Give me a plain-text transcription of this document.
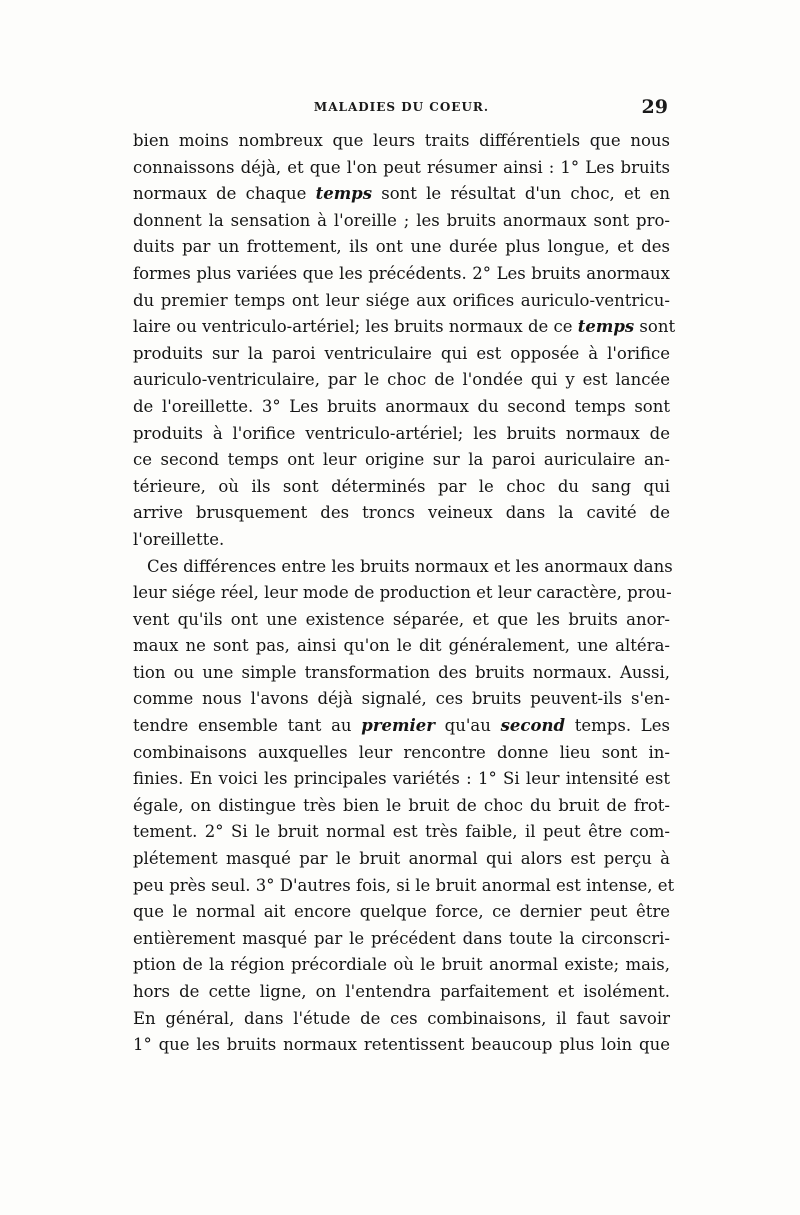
MALADIES DU COEUR.	29
bien moins nombreux que leurs traits différentiels que nous
connaissons déjà, et que l'on peut résumer ainsi : 1° Les bruits
normaux de chaque temps sont le résultat d'un choc, et en
donnent la sensation à l'oreille ; les bruits anormaux sont pro-
duits par un frottement, ils ont une durée plus longue, et des
formes plus variées que les précédents. 2° Les bruits anormaux
du premier temps ont leur siége aux orifices auriculo-ventricu-
laire ou ventriculo-artériel; les bruits normaux de ce temps sont
produits sur la paroi ventriculaire qui est opposée à l'orifice
auriculo-ventriculaire, par le choc de l'ondée qui y est lancée
de l'oreillette. 3° Les bruits anormaux du second temps sont
produits à l'orifice ventriculo-artériel; les bruits normaux de
ce second temps ont leur origine sur la paroi auriculaire an-
térieure, où ils sont déterminés par le choc du sang qui
arrive brusquement des troncs veineux dans la cavité de
l'oreillette.
Ces différences entre les bruits normaux et les anormaux dans
leur siége réel, leur mode de production et leur caractère, prou-
vent qu'ils ont une existence séparée, et que les bruits anor-
maux ne sont pas, ainsi qu'on le dit généralement, une altéra-
tion ou une simple transformation des bruits normaux. Aussi,
comme nous l'avons déjà signalé, ces bruits peuvent-ils s'en-
tendre ensemble tant au premier qu'au second temps. Les
combinaisons auxquelles leur rencontre donne lieu sont in-
finies. En voici les principales variétés : 1° Si leur intensité est
égale, on distingue très bien le bruit de choc du bruit de frot-
tement. 2° Si le bruit normal est très faible, il peut être com-
plétement masqué par le bruit anormal qui alors est perçu à
peu près seul. 3° D'autres fois, si le bruit anormal est intense, et
que le normal ait encore quelque force, ce dernier peut être
entièrement masqué par le précédent dans toute la circonscri-
ption de la région précordiale où le bruit anormal existe; mais,
hors de cette ligne, on l'entendra parfaitement et isolément.
En général, dans l'étude de ces combinaisons, il faut savoir
1° que les bruits normaux retentissent beaucoup plus loin que
